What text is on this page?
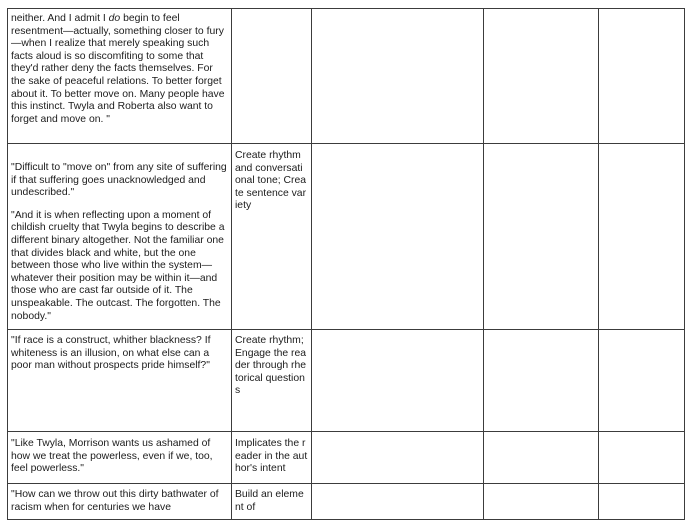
neither. And I admit I do begin to feel resentment—actually, something closer to fury—when I realize that merely speaking such facts aloud is so discomfiting to some that they'd rather deny the facts themselves. For the sake of peaceful relations. To better forget about it. To better move on. Many people have this instinct. Twyla and Roberta also want to forget and move on. "				

"Difficult to "move on" from any site of suffering if that suffering goes unacknowledged and undescribed."

"And it is when reflecting upon a moment of childish cruelty that Twyla begins to describe a different binary altogether. Not the familiar one that divides black and white, but the one between those who live within the system—whatever their position may be within it—and those who are cast far outside of it. The unspeakable. The outcast. The forgotten. The nobody."	Create rhythm and conversational tone; Create sentence variety			

"If race is a construct, whither blackness? If whiteness is an illusion, on what else can a poor man without prospects pride himself?"	Create rhythm; Engage the reader through rhetorical questions			

"Like Twyla, Morrison wants us ashamed of how we treat the powerless, even if we, too, feel powerless."	Implicates the reader in the author's intent			

"How can we throw out this dirty bathwater of racism when for centuries we have	Build an element of			
